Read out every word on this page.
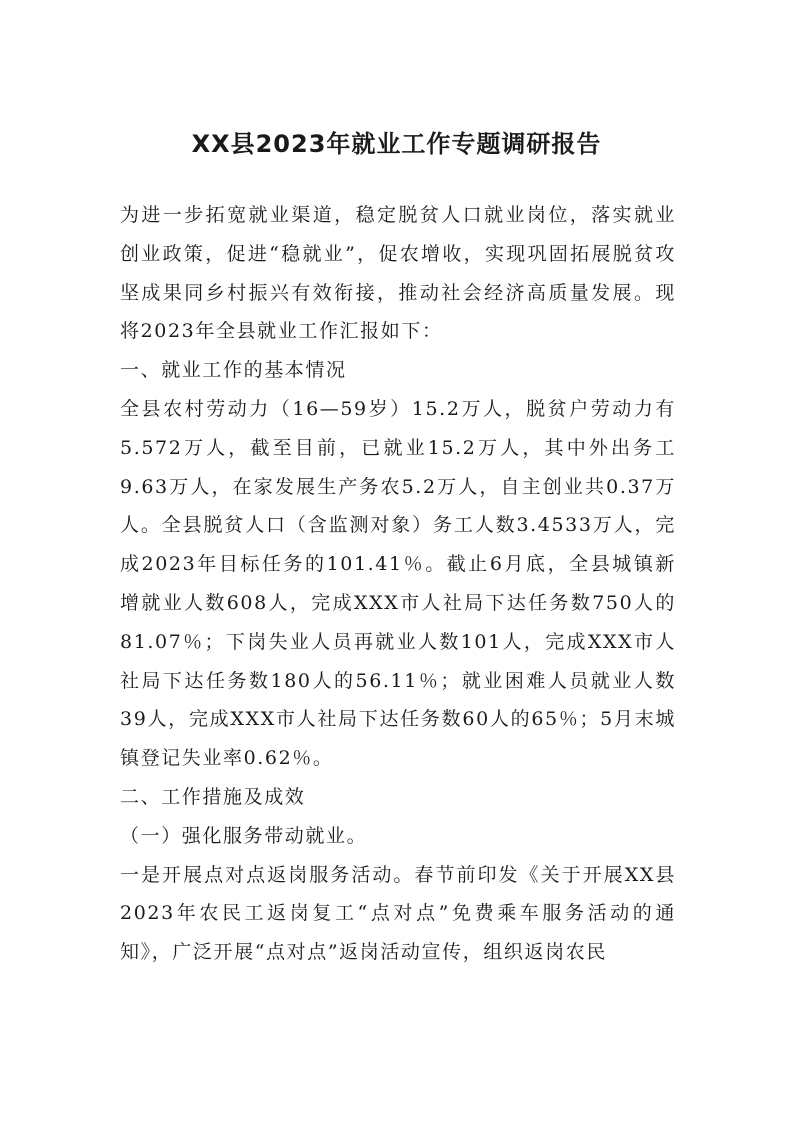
XX县2023年就业工作专题调研报告

为进一步拓宽就业渠道，稳定脱贫人口就业岗位，落实就业创业政策，促进“稳就业”，促农增收，实现巩固拓展脱贫攻坚成果同乡村振兴有效衔接，推动社会经济高质量发展。现将2023年全县就业工作汇报如下：

一、就业工作的基本情况

全县农村劳动力（16—59岁）15.2万人，脱贫户劳动力有5.572万人，截至目前，已就业15.2万人，其中外出务工9.63万人，在家发展生产务农5.2万人，自主创业共0.37万人。全县脱贫人口（含监测对象）务工人数3.4533万人，完成2023年目标任务的101.41％。截止6月底，全县城镇新增就业人数608人，完成XXX市人社局下达任务数750人的81.07％；下岗失业人员再就业人数101人，完成XXX市人社局下达任务数180人的56.11％；就业困难人员就业人数39人，完成XXX市人社局下达任务数60人的65％；5月末城镇登记失业率0.62％。

二、工作措施及成效

（一）强化服务带动就业。

一是开展点对点返岗服务活动。春节前印发《关于开展XX县2023年农民工返岗复工“点对点”免费乘车服务活动的通知》，广泛开展“点对点”返岗活动宣传，组织返岗农民
